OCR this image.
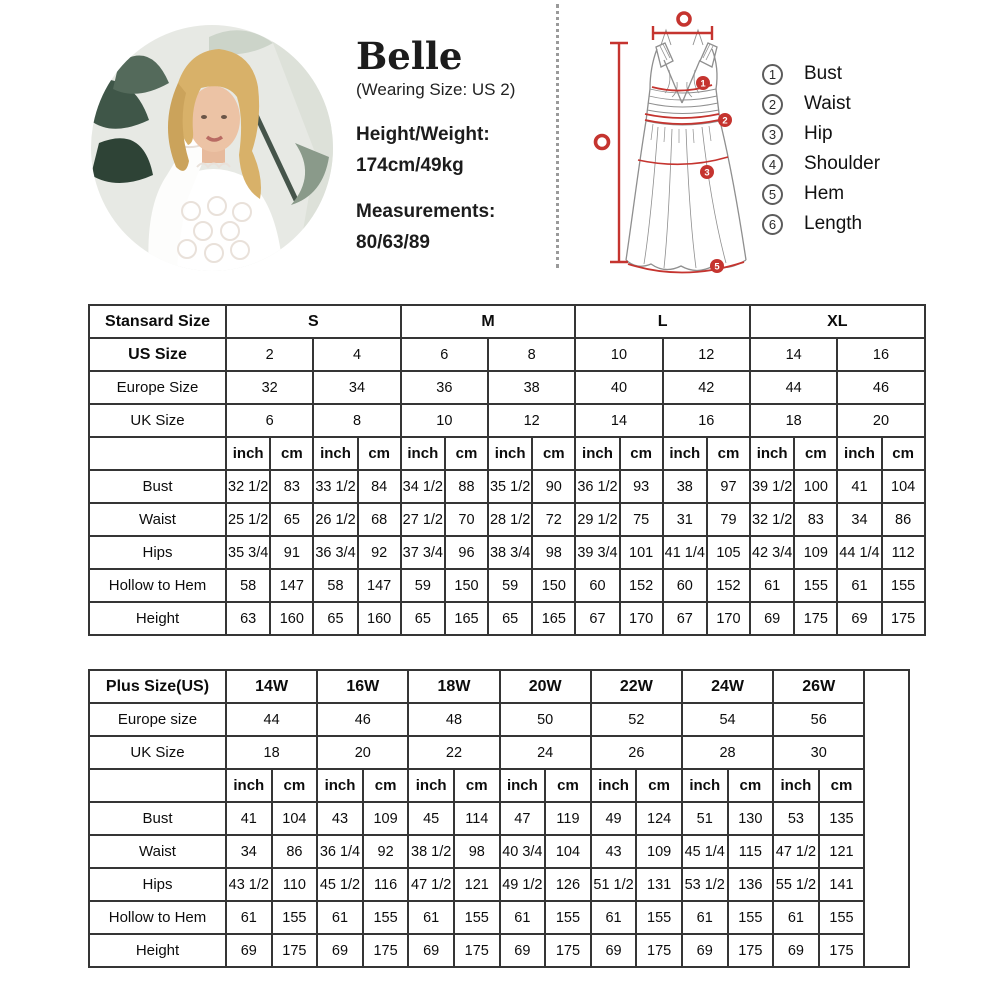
Belle
(Wearing Size: US 2)
Height/Weight:
174cm/49kg
Measurements:
80/63/89
1
2
3
5
1	Bust
2	Waist
3	Hip
4	Shoulder
5	Hem
6	Length
Stansard Size	S				M				L				XL			
US Size	2		4		6		8		10		12		14		16	
Europe Size	32		34		36		38		40		42		44		46	
UK Size	6		8		10		12		14		16		18		20	
	inch	cm	inch	cm	inch	cm	inch	cm	inch	cm	inch	cm	inch	cm	inch	cm
Bust	32 1/2	83	33 1/2	84	34 1/2	88	35 1/2	90	36 1/2	93	38	97	39 1/2	100	41	104
Waist	25 1/2	65	26 1/2	68	27 1/2	70	28 1/2	72	29 1/2	75	31	79	32 1/2	83	34	86
Hips	35 3/4	91	36 3/4	92	37 3/4	96	38 3/4	98	39 3/4	101	41 1/4	105	42 3/4	109	44 1/4	112
Hollow to Hem	58	147	58	147	59	150	59	150	60	152	60	152	61	155	61	155
Height	63	160	65	160	65	165	65	165	67	170	67	170	69	175	69	175
Plus Size(US)	14W		16W		18W		20W		22W		24W		26W		
Europe size	44		46		48		50		52		54		56		
UK Size	18		20		22		24		26		28		30		
	inch	cm	inch	cm	inch	cm	inch	cm	inch	cm	inch	cm	inch	cm	
Bust	41	104	43	109	45	114	47	119	49	124	51	130	53	135	
Waist	34	86	36 1/4	92	38 1/2	98	40 3/4	104	43	109	45 1/4	115	47 1/2	121	
Hips	43 1/2	110	45 1/2	116	47 1/2	121	49 1/2	126	51 1/2	131	53 1/2	136	55 1/2	141	
Hollow to Hem	61	155	61	155	61	155	61	155	61	155	61	155	61	155	
Height	69	175	69	175	69	175	69	175	69	175	69	175	69	175	
